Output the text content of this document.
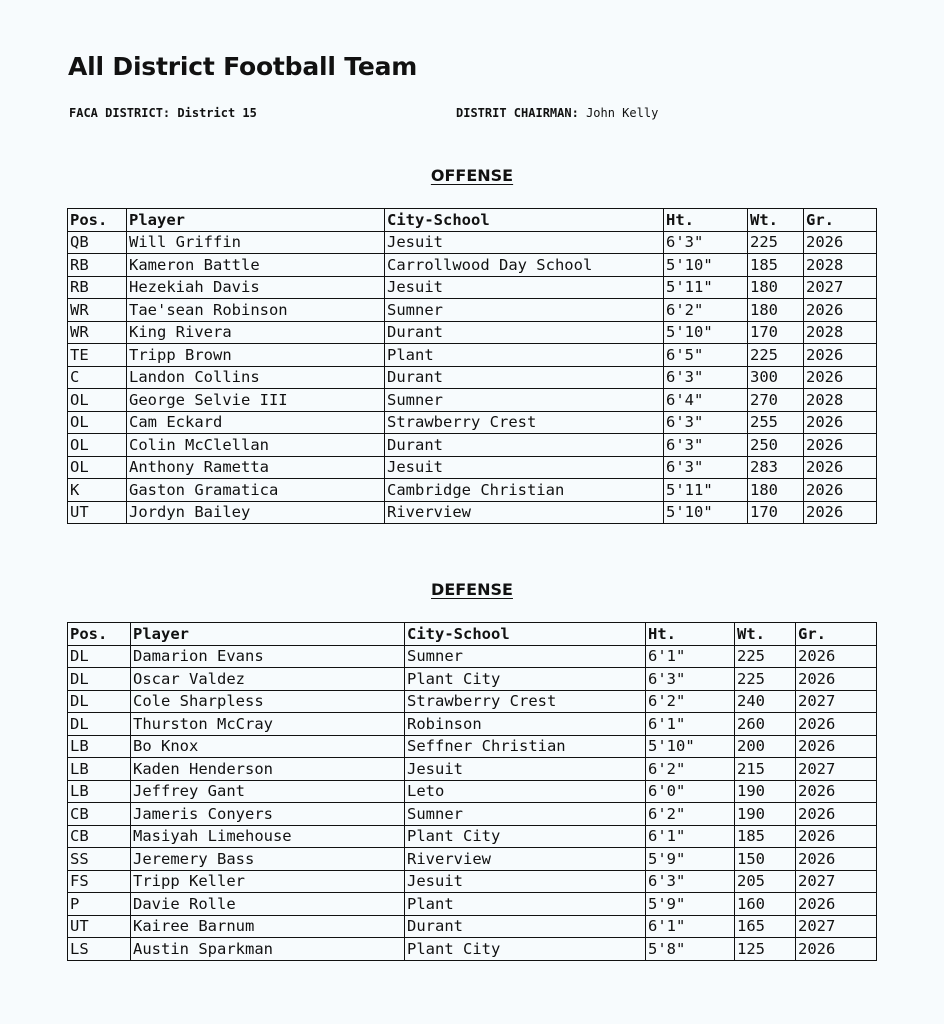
All District Football Team
FACA DISTRICT: District 15	DISTRIT CHAIRMAN: John Kelly
OFFENSE
Pos.	Player	City-School	Ht.	Wt.	Gr.
QB	Will Griffin	Jesuit	6'3"	225	2026
RB	Kameron Battle	Carrollwood Day School	5'10"	185	2028
RB	Hezekiah Davis	Jesuit	5'11"	180	2027
WR	Tae'sean Robinson	Sumner	6'2"	180	2026
WR	King Rivera	Durant	5'10"	170	2028
TE	Tripp Brown	Plant	6'5"	225	2026
C	Landon Collins	Durant	6'3"	300	2026
OL	George Selvie III	Sumner	6'4"	270	2028
OL	Cam Eckard	Strawberry Crest	6'3"	255	2026
OL	Colin McClellan	Durant	6'3"	250	2026
OL	Anthony Rametta	Jesuit	6'3"	283	2026
K	Gaston Gramatica	Cambridge Christian	5'11"	180	2026
UT	Jordyn Bailey	Riverview	5'10"	170	2026
DEFENSE
Pos.	Player	City-School	Ht.	Wt.	Gr.
DL	Damarion Evans	Sumner	6'1"	225	2026
DL	Oscar Valdez	Plant City	6'3"	225	2026
DL	Cole Sharpless	Strawberry Crest	6'2"	240	2027
DL	Thurston McCray	Robinson	6'1"	260	2026
LB	Bo Knox	Seffner Christian	5'10"	200	2026
LB	Kaden Henderson	Jesuit	6'2"	215	2027
LB	Jeffrey Gant	Leto	6'0"	190	2026
CB	Jameris Conyers	Sumner	6'2"	190	2026
CB	Masiyah Limehouse	Plant City	6'1"	185	2026
SS	Jeremery Bass	Riverview	5'9"	150	2026
FS	Tripp Keller	Jesuit	6'3"	205	2027
P	Davie Rolle	Plant	5'9"	160	2026
UT	Kairee Barnum	Durant	6'1"	165	2027
LS	Austin Sparkman	Plant City	5'8"	125	2026
